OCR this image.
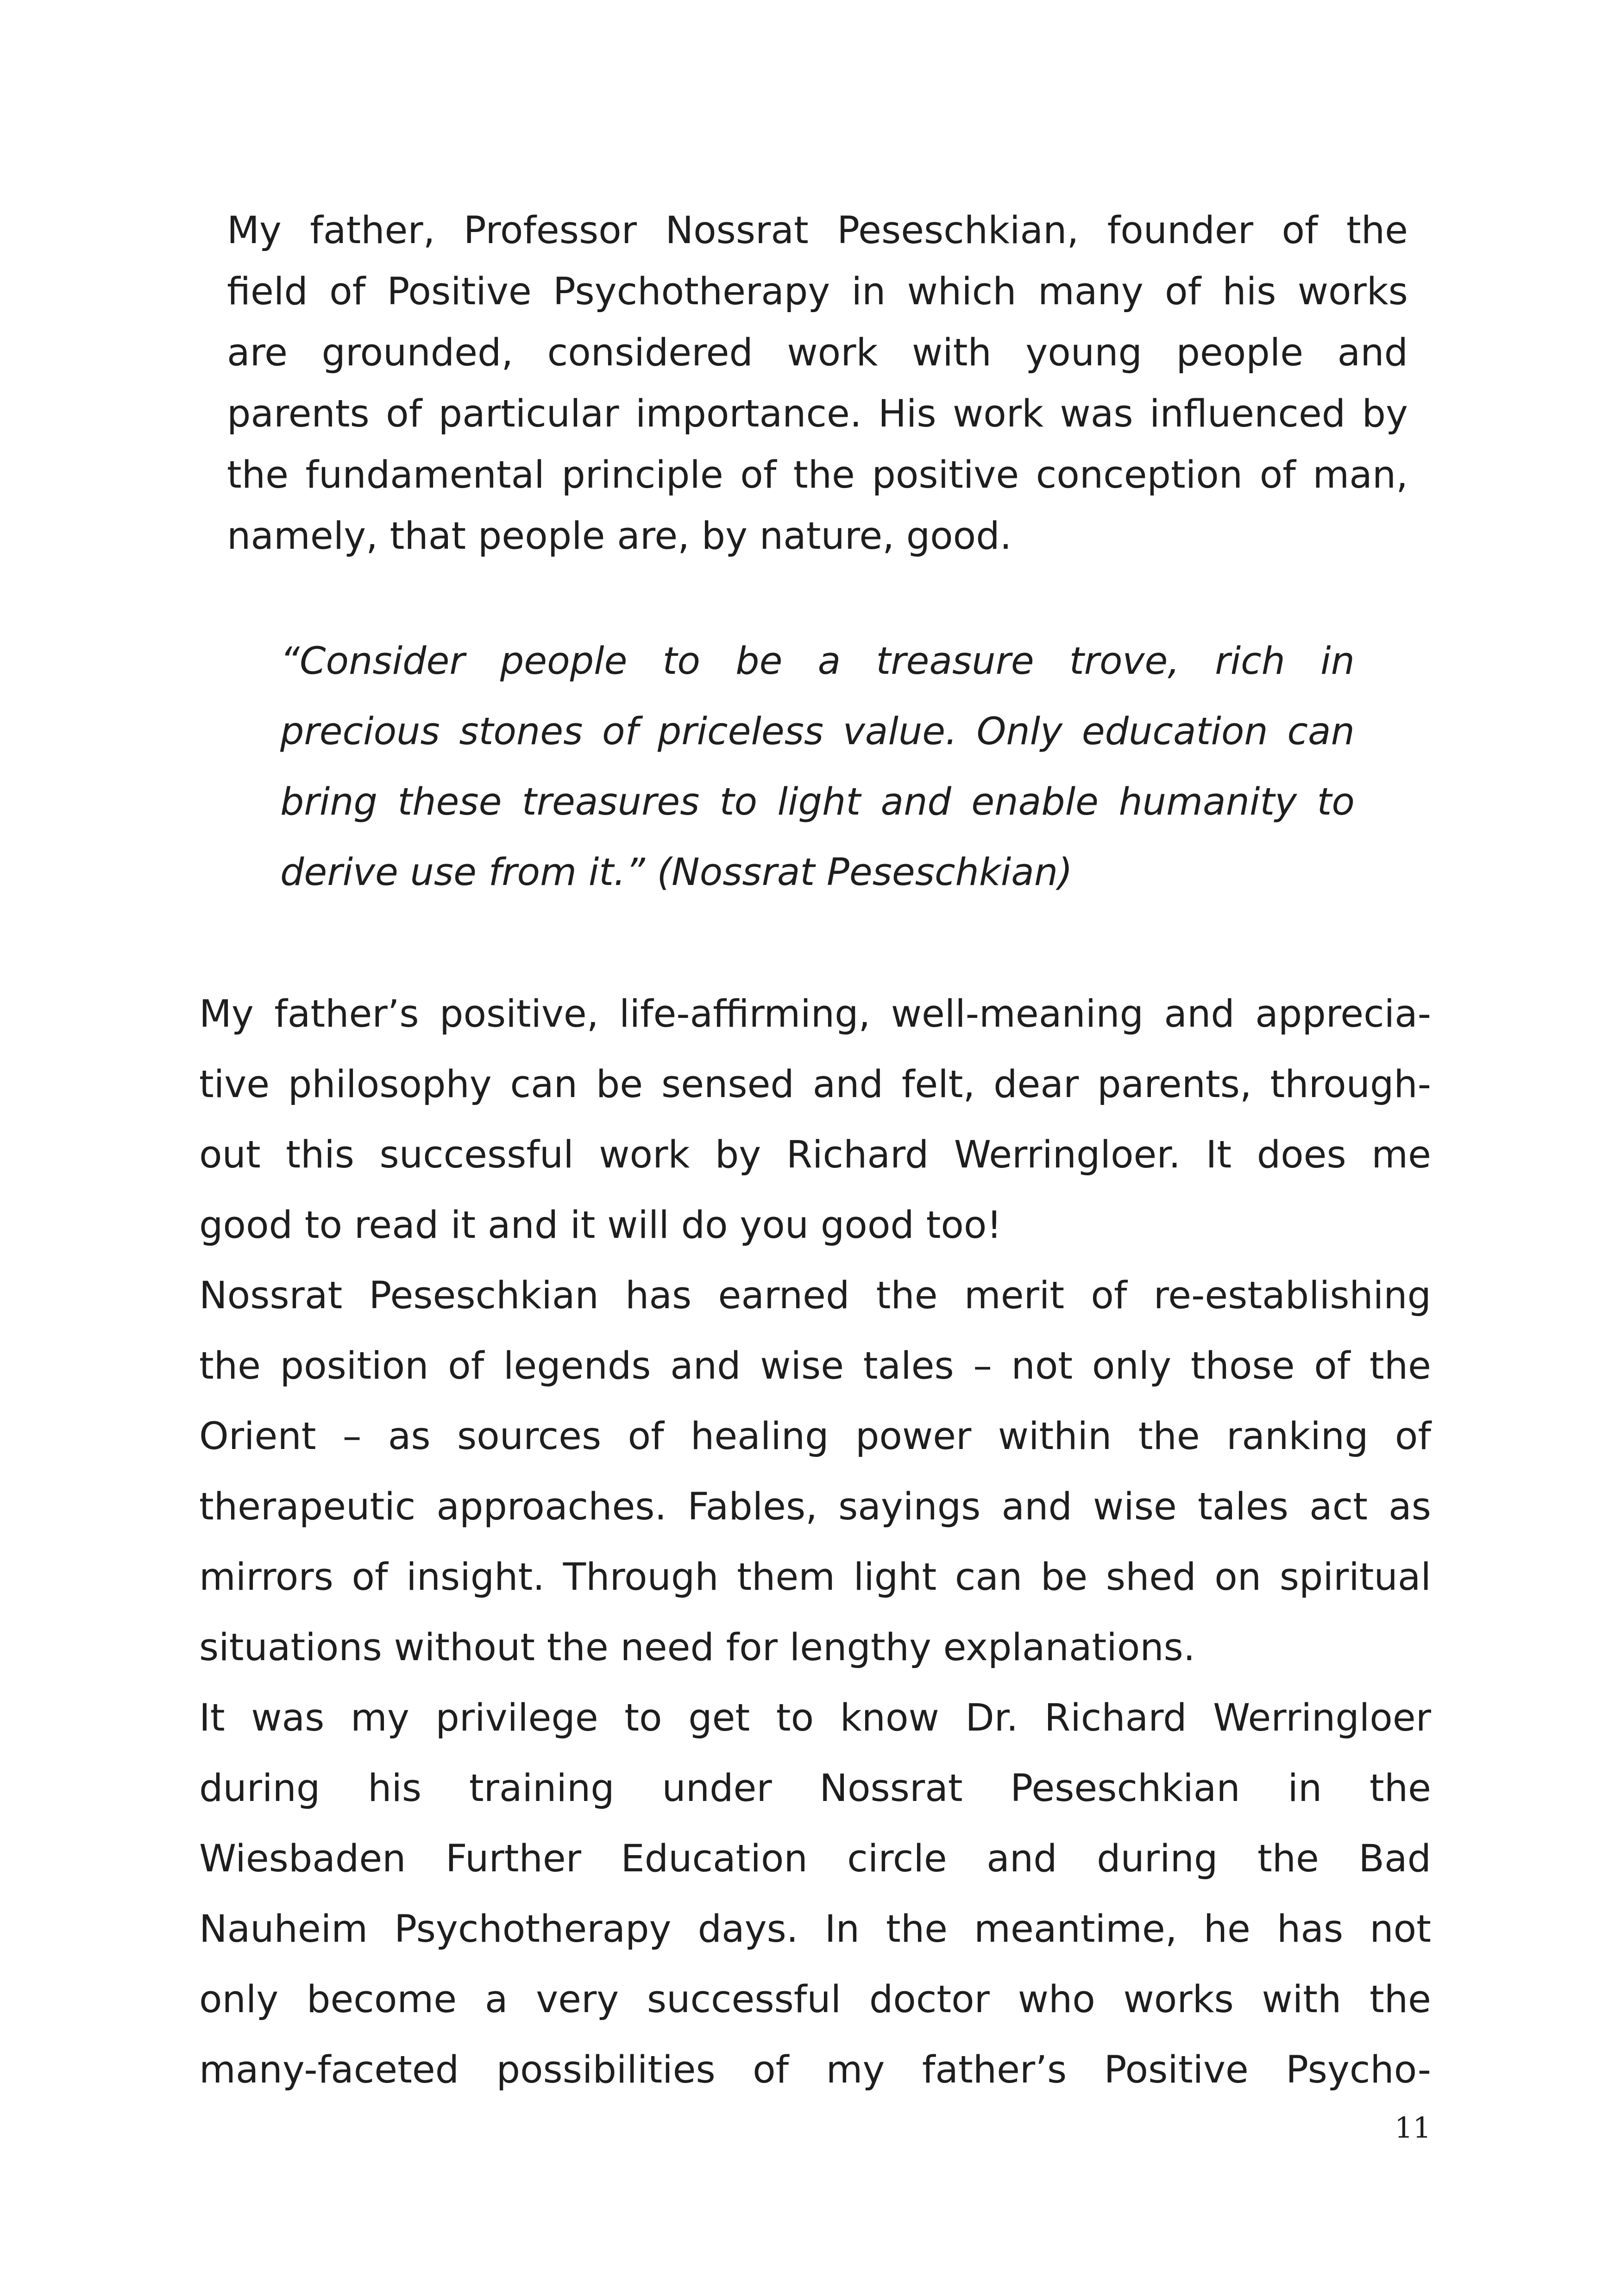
My father, Professor Nossrat Peseschkian, founder of the

field of Positive Psychotherapy in which many of his works

are grounded, considered work with young people and

parents of particular importance. His work was influenced by

the fundamental principle of the positive conception of man,

namely, that people are, by nature, good.

“Consider people to be a treasure trove, rich in

precious stones of priceless value. Only education can

bring these treasures to light and enable humanity to

derive use from it.” (Nossrat Peseschkian)

My father’s positive, life-affirming, well-meaning and apprecia-

tive philosophy can be sensed and felt, dear parents, through-

out this successful work by Richard Werringloer. It does me

good to read it and it will do you good too!

Nossrat Peseschkian has earned the merit of re-establishing

the position of legends and wise tales – not only those of the

Orient – as sources of healing power within the ranking of

therapeutic approaches. Fables, sayings and wise tales act as

mirrors of insight. Through them light can be shed on spiritual

situations without the need for lengthy explanations.

It was my privilege to get to know Dr. Richard Werringloer

during his training under Nossrat Peseschkian in the

Wiesbaden Further Education circle and during the Bad

Nauheim Psychotherapy days. In the meantime, he has not

only become a very successful doctor who works with the

many-faceted possibilities of my father’s Positive Psycho-

11
